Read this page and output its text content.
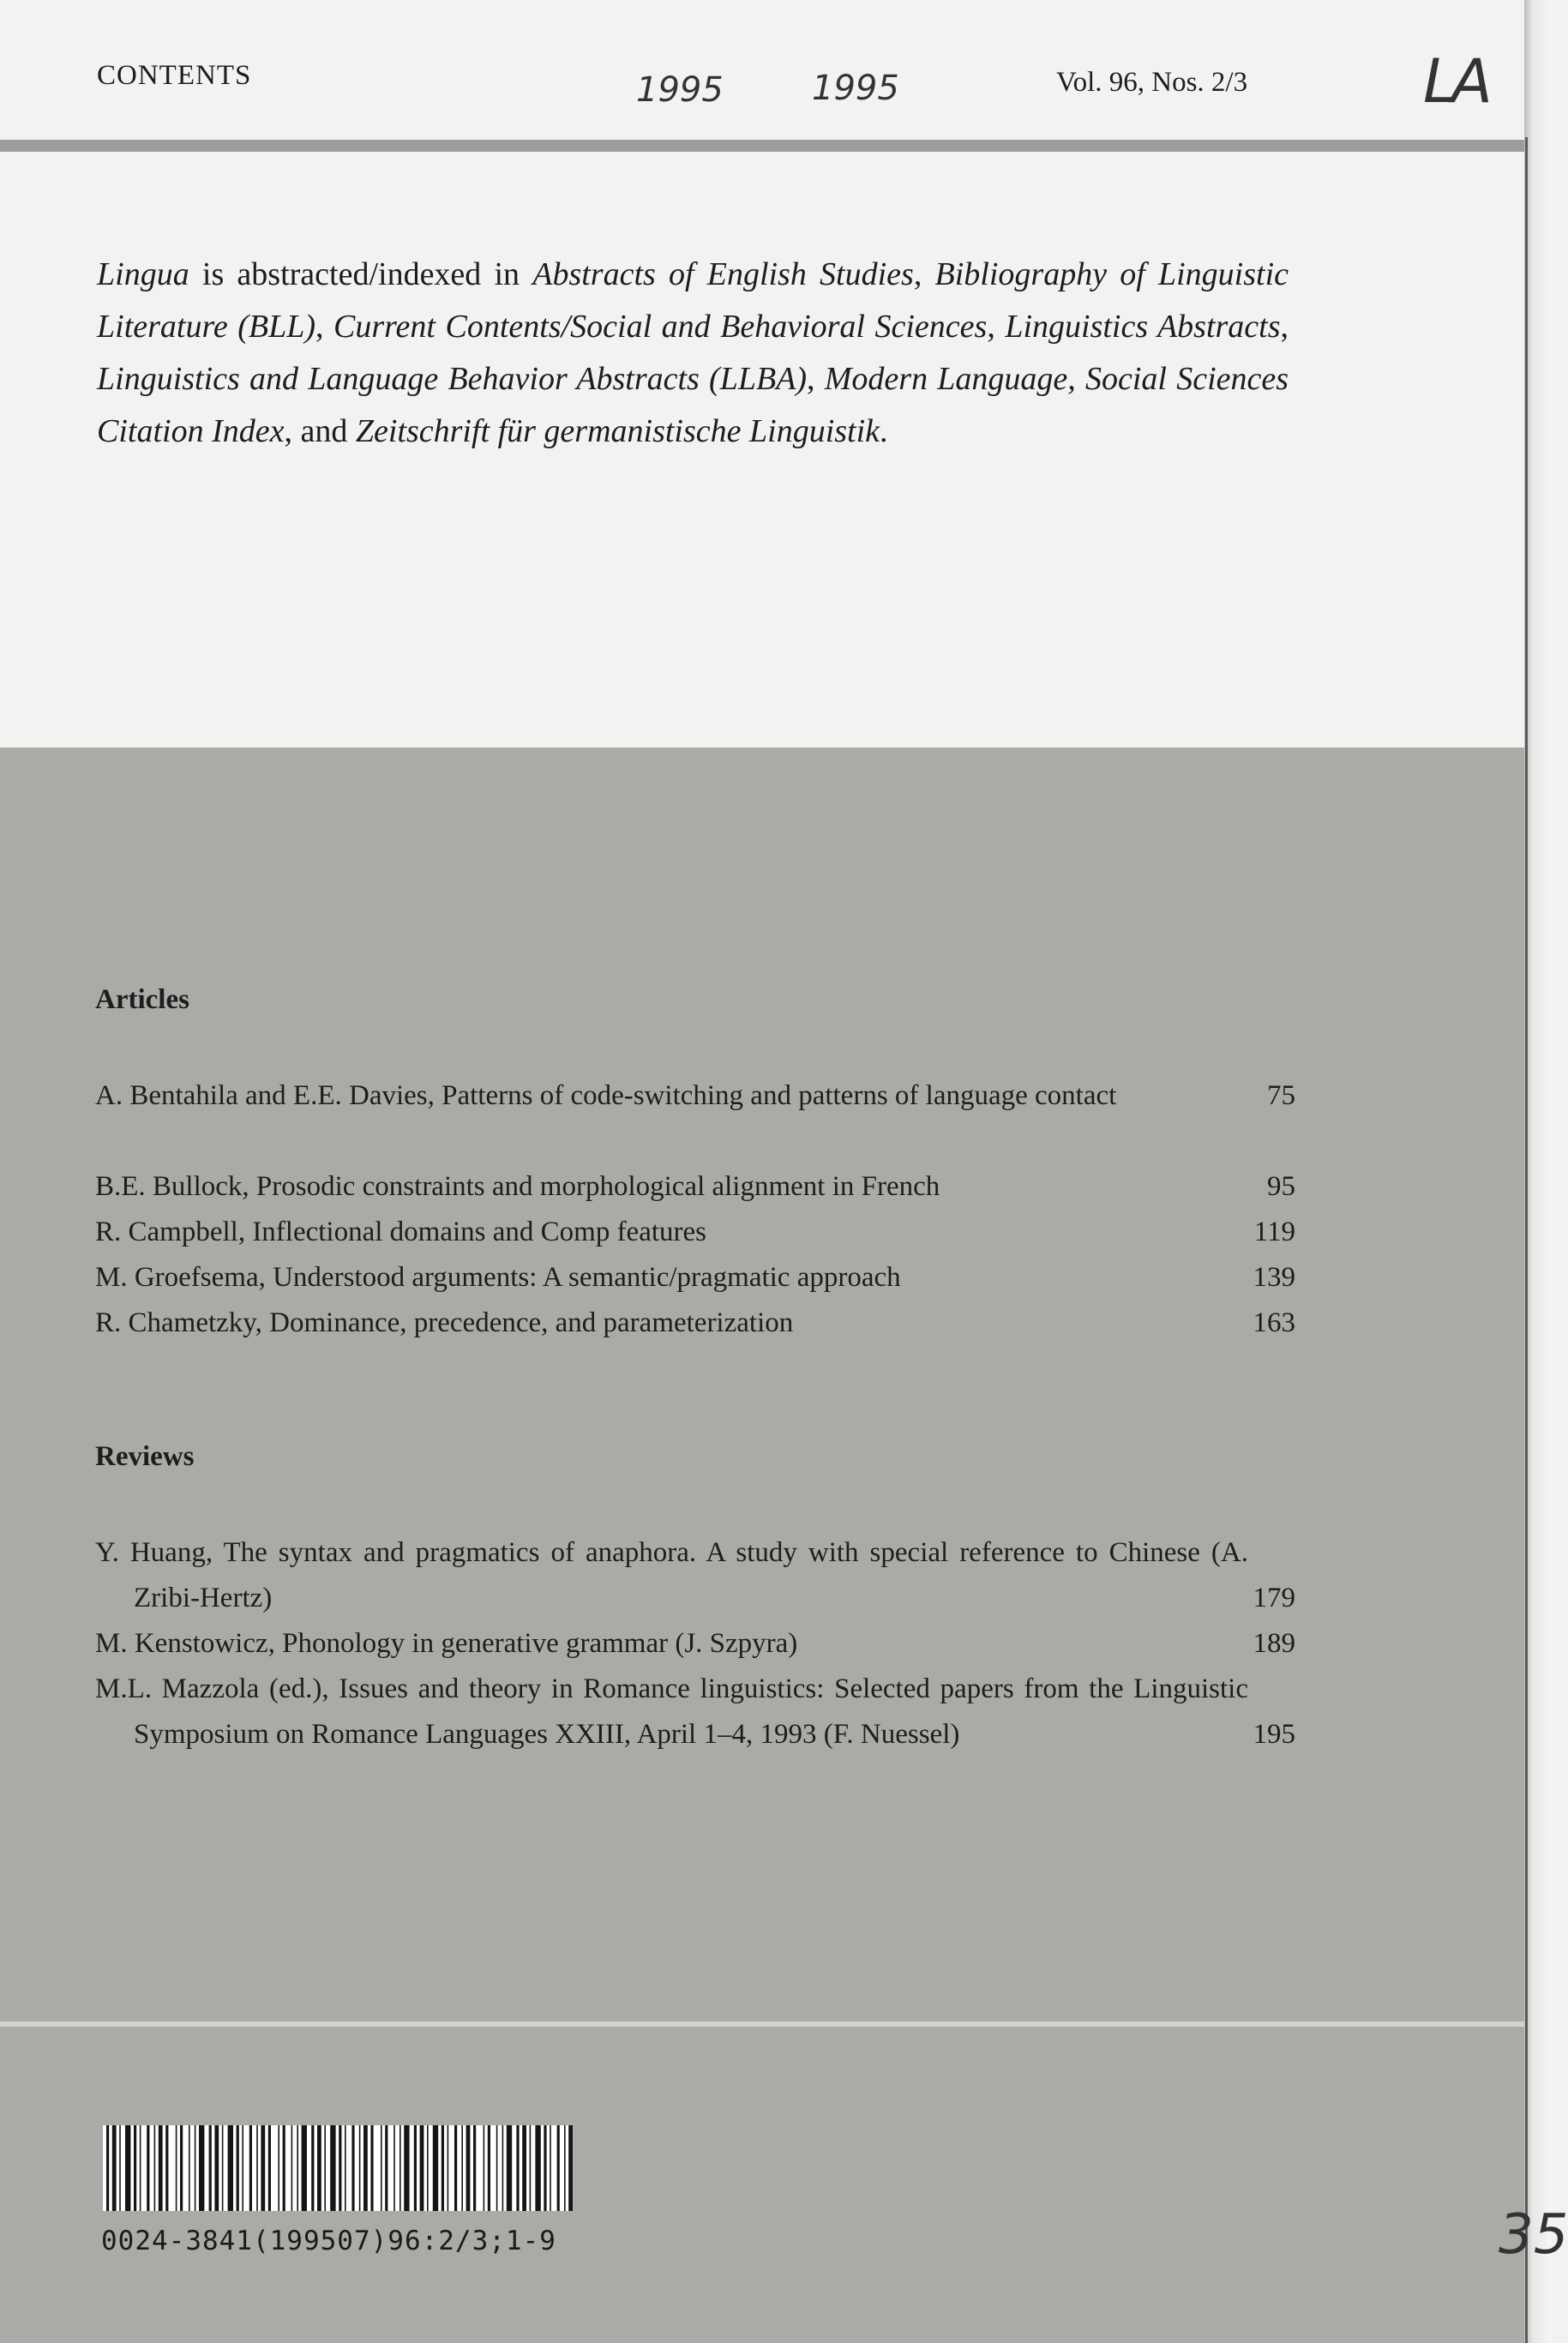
CONTENTS	1995	1995	Vol. 96, Nos. 2/3	LA

Lingua is abstracted/indexed in Abstracts of English Studies, Bibliography of Linguistic Literature (BLL), Current Contents/Social and Behavioral Sciences, Linguistics Abstracts, Linguistics and Language Behavior Abstracts (LLBA), Modern Language, Social Sciences Citation Index, and Zeitschrift für germanistische Linguistik.

Articles
A. Bentahila and E.E. Davies, Patterns of code-switching and patterns of language contact	75
B.E. Bullock, Prosodic constraints and morphological alignment in French	95
R. Campbell, Inflectional domains and Comp features	119
M. Groefsema, Understood arguments: A semantic/pragmatic approach	139
R. Chametzky, Dominance, precedence, and parameterization	163
Reviews
Y. Huang, The syntax and pragmatics of anaphora. A study with special reference to Chinese (A. Zribi-Hertz)	179
M. Kenstowicz, Phonology in generative grammar (J. Szpyra)	189
M.L. Mazzola (ed.), Issues and theory in Romance linguistics: Selected papers from the Linguistic Symposium on Romance Languages XXIII, April 1–4, 1993 (F. Nuessel)	195
0024-3841(199507)96:2/3;1-9	35
